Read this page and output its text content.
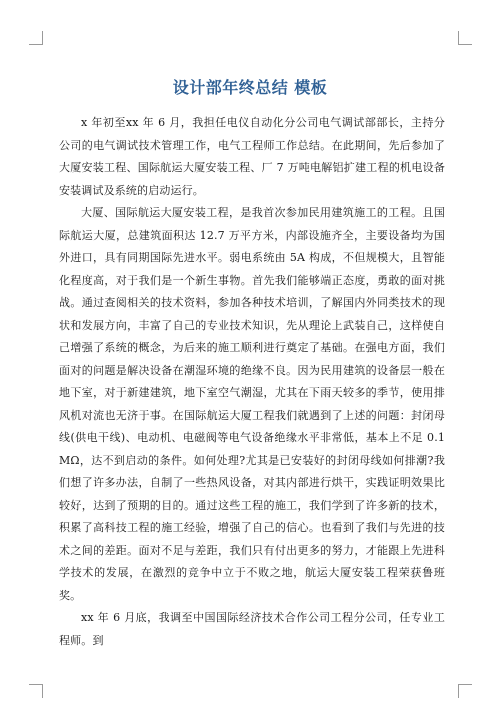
设计部年终总结 模板

x 年初至xx 年 6 月，我担任电仪自动化分公司电气调试部部长，主持分公司的电气调试技术管理工作，电气工程师工作总结。在此期间，先后参加了大厦安装工程、国际航运大厦安装工程、厂 7 万吨电解铝扩建工程的机电设备安装调试及系统的启动运行。

大厦、国际航运大厦安装工程，是我首次参加民用建筑施工的工程。且国际航运大厦，总建筑面积达 12.7 万平方米，内部设施齐全，主要设备均为国外进口，具有同期国际先进水平。弱电系统由 5A 构成，不但规模大，且智能化程度高，对于我们是一个新生事物。首先我们能够端正态度，勇敢的面对挑战。通过查阅相关的技术资料，参加各种技术培训，了解国内外同类技术的现状和发展方向，丰富了自己的专业技术知识，先从理论上武装自己，这样使自己增强了系统的概念，为后来的施工顺利进行奠定了基础。在强电方面，我们面对的问题是解决设备在潮湿环境的绝缘不良。因为民用建筑的设备层一般在地下室，对于新建建筑，地下室空气潮湿，尤其在下雨天较多的季节，使用排风机对流也无济于事。在国际航运大厦工程我们就遇到了上述的问题：封闭母线(供电干线)、电动机、电磁阀等电气设备绝缘水平非常低，基本上不足 0.1MΩ，达不到启动的条件。如何处理?尤其是已安装好的封闭母线如何排潮?我们想了许多办法，自制了一些热风设备，对其内部进行烘干，实践证明效果比较好，达到了预期的目的。通过这些工程的施工，我们学到了许多新的技术，积累了高科技工程的施工经验，增强了自己的信心。也看到了我们与先进的技术之间的差距。面对不足与差距，我们只有付出更多的努力，才能跟上先进科学技术的发展，在激烈的竞争中立于不败之地，航运大厦安装工程荣获鲁班奖。

xx 年 6 月底，我调至中国国际经济技术合作公司工程分公司，任专业工程师。到
